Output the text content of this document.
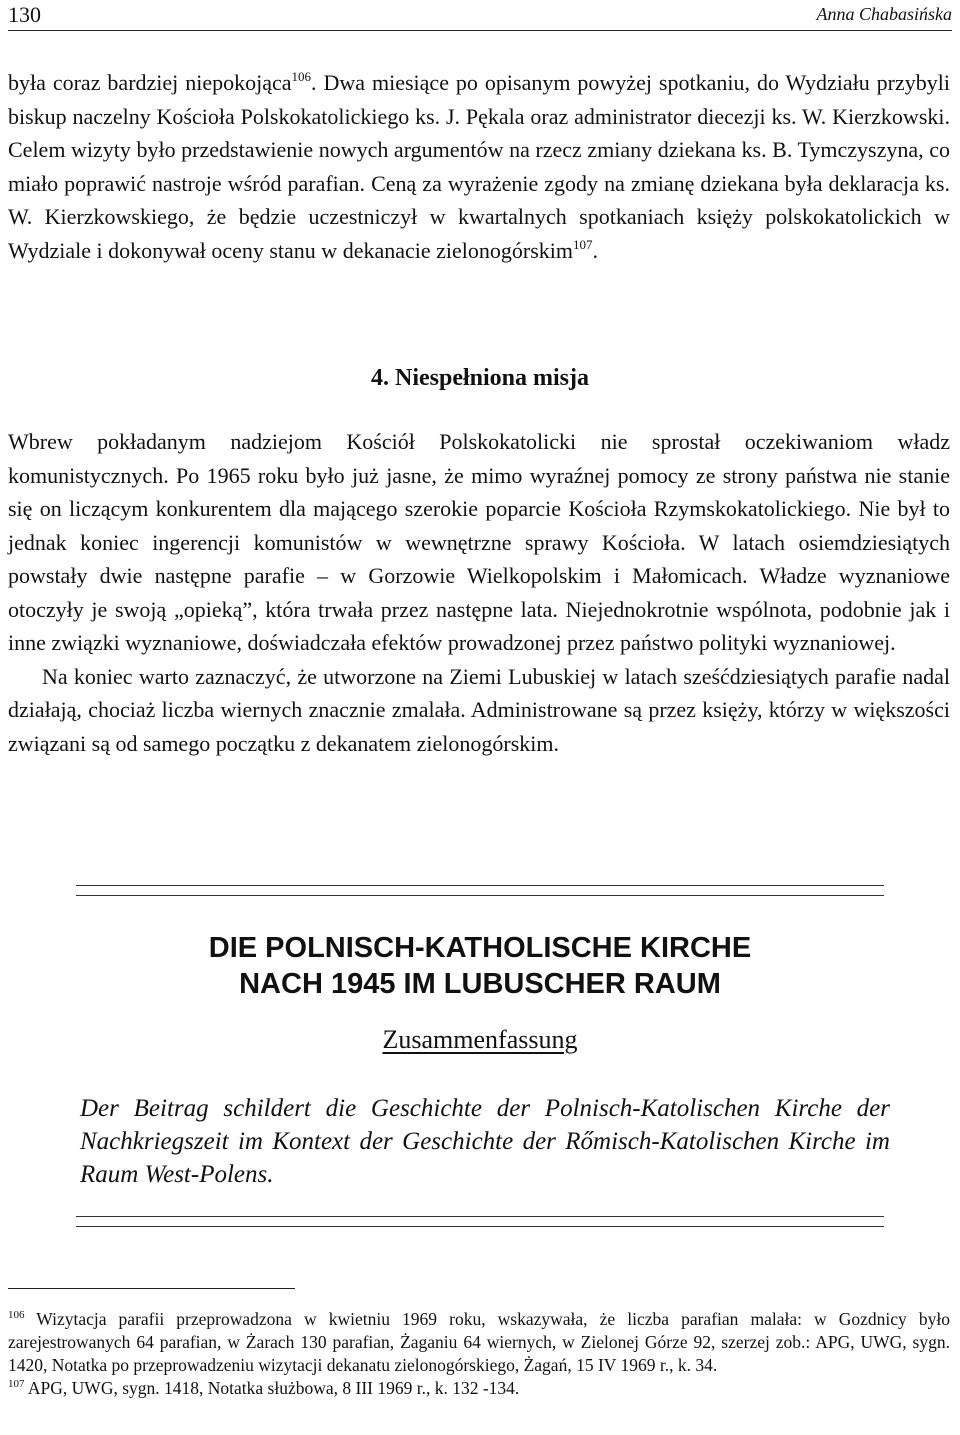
130	Anna Chabasińska

była coraz bardziej niepokojąca$^{106}$. Dwa miesiące po opisanym powyżej spotkaniu, do Wydziału przybyli biskup naczelny Kościoła Polskokatolickiego ks. J. Pękala oraz administrator diecezji ks. W. Kierzkowski. Celem wizyty było przedstawienie nowych argumentów na rzecz zmiany dziekana ks. B. Tymczyszyna, co miało poprawić nastroje wśród parafian. Ceną za wyrażenie zgody na zmianę dziekana była deklaracja ks. W. Kierzkowskiego, że będzie uczestniczył w kwartalnych spotkaniach księży polskokatolickich w Wydziale i dokonywał oceny stanu w dekanacie zielonogórskim$^{107}$.

4. Niespełniona misja

Wbrew pokładanym nadziejom Kościół Polskokatolicki nie sprostał oczekiwaniom władz komunistycznych. Po 1965 roku było już jasne, że mimo wyraźnej pomocy ze strony państwa nie stanie się on liczącym konkurentem dla mającego szerokie poparcie Kościoła Rzymskokatolickiego. Nie był to jednak koniec ingerencji komunistów w wewnętrzne sprawy Kościoła. W latach osiemdziesiątych powstały dwie następne parafie – w Gorzowie Wielkopolskim i Małomicach. Władze wyznaniowe otoczyły je swoją „opieką”, która trwała przez następne lata. Niejednokrotnie wspólnota, podobnie jak i inne związki wyznaniowe, doświadczała efektów prowadzonej przez państwo polityki wyznaniowej.

Na koniec warto zaznaczyć, że utworzone na Ziemi Lubuskiej w latach sześćdziesiątych parafie nadal działają, chociaż liczba wiernych znacznie zmalała. Administrowane są przez księży, którzy w większości związani są od samego początku z dekanatem zielonogórskim.

DIE POLNISCH-KATHOLISCHE KIRCHE
NACH 1945 IM LUBUSCHER RAUM
Zusammenfassung
Der Beitrag schildert die Geschichte der Polnisch-Katolischen Kirche der Nachkriegszeit im Kontext der Geschichte der Rőmisch-Katolischen Kirche im Raum West-Polens.

$^{106}$ Wizytacja parafii przeprowadzona w kwietniu 1969 roku, wskazywała, że liczba parafian malała: w Gozdnicy było zarejestrowanych 64 parafian, w Żarach 130 parafian, Żaganiu 64 wiernych, w Zielonej Górze 92, szerzej zob.: APG, UWG, sygn. 1420, Notatka po przeprowadzeniu wizytacji dekanatu zielonogórskiego, Żagań, 15 IV 1969 r., k. 34.

$^{107}$ APG, UWG, sygn. 1418, Notatka służbowa, 8 III 1969 r., k. 132 -134.
